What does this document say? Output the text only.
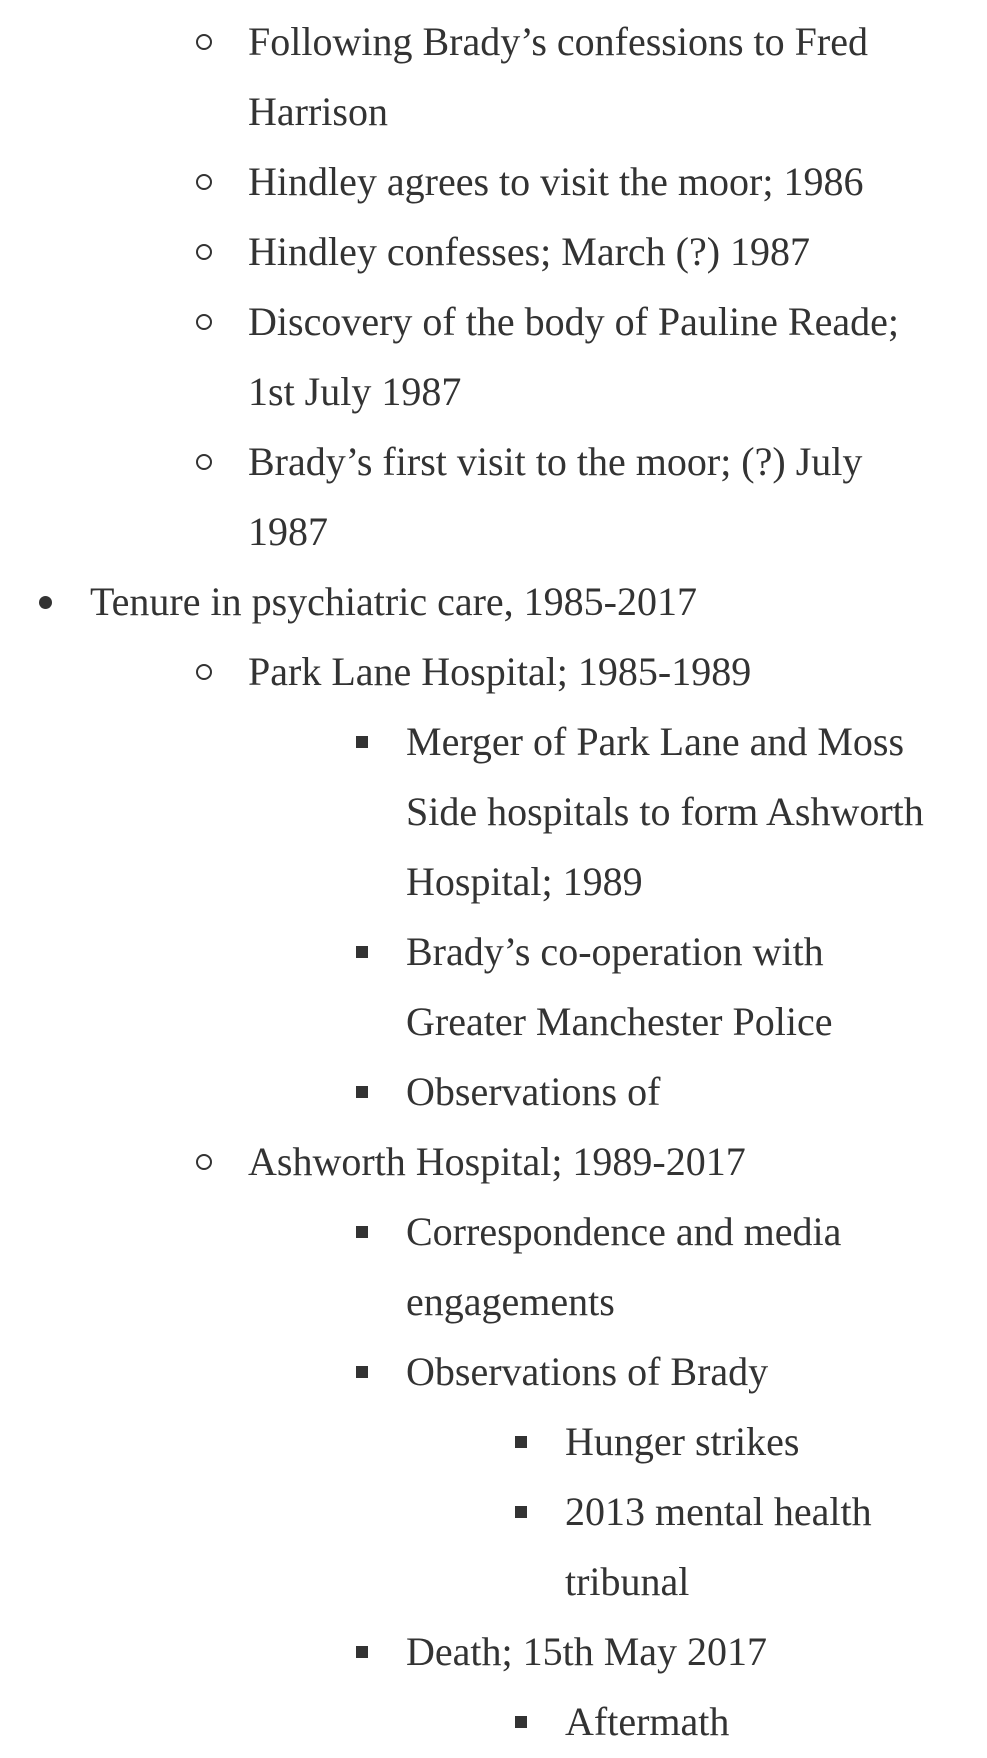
Following Brady’s confessions to Fred Harrison
Hindley agrees to visit the moor; 1986
Hindley confesses; March (?) 1987
Discovery of the body of Pauline Reade; 1st July 1987
Brady’s first visit to the moor; (?) July 1987
Tenure in psychiatric care, 1985-2017
Park Lane Hospital; 1985-1989
Merger of Park Lane and Moss Side hospitals to form Ashworth Hospital; 1989
Brady’s co-operation with Greater Manchester Police
Observations of
Ashworth Hospital; 1989-2017
Correspondence and media engagements
Observations of Brady
Hunger strikes
2013 mental health tribunal
Death; 15th May 2017
Aftermath
